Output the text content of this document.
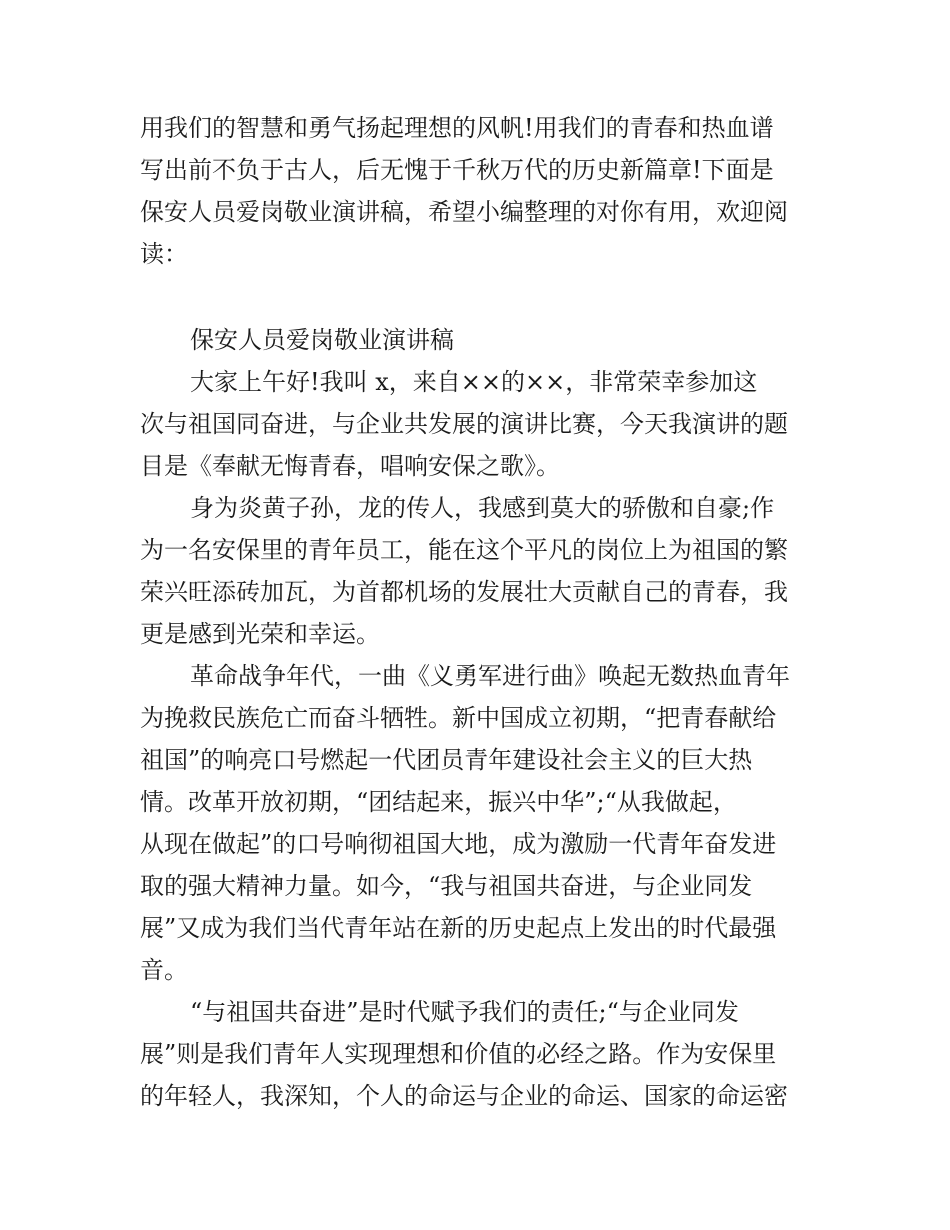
用我们的智慧和勇气扬起理想的风帆!用我们的青春和热血谱
写出前不负于古人，后无愧于千秋万代的历史新篇章!下面是
保安人员爱岗敬业演讲稿，希望小编整理的对你有用，欢迎阅
读：
保安人员爱岗敬业演讲稿
大家上午好!我叫 x，来自××的××，非常荣幸参加这
次与祖国同奋进，与企业共发展的演讲比赛，今天我演讲的题
目是《奉献无悔青春，唱响安保之歌》。
身为炎黄子孙，龙的传人，我感到莫大的骄傲和自豪;作
为一名安保里的青年员工，能在这个平凡的岗位上为祖国的繁
荣兴旺添砖加瓦，为首都机场的发展壮大贡献自己的青春，我
更是感到光荣和幸运。
革命战争年代，一曲《义勇军进行曲》唤起无数热血青年
为挽救民族危亡而奋斗牺牲。新中国成立初期，“把青春献给
祖国”的响亮口号燃起一代团员青年建设社会主义的巨大热
情。改革开放初期，“团结起来，振兴中华”;“从我做起，
从现在做起”的口号响彻祖国大地，成为激励一代青年奋发进
取的强大精神力量。如今，“我与祖国共奋进，与企业同发
展”又成为我们当代青年站在新的历史起点上发出的时代最强
音。
“与祖国共奋进”是时代赋予我们的责任;“与企业同发
展”则是我们青年人实现理想和价值的必经之路。作为安保里
的年轻人，我深知，个人的命运与企业的命运、国家的命运密
